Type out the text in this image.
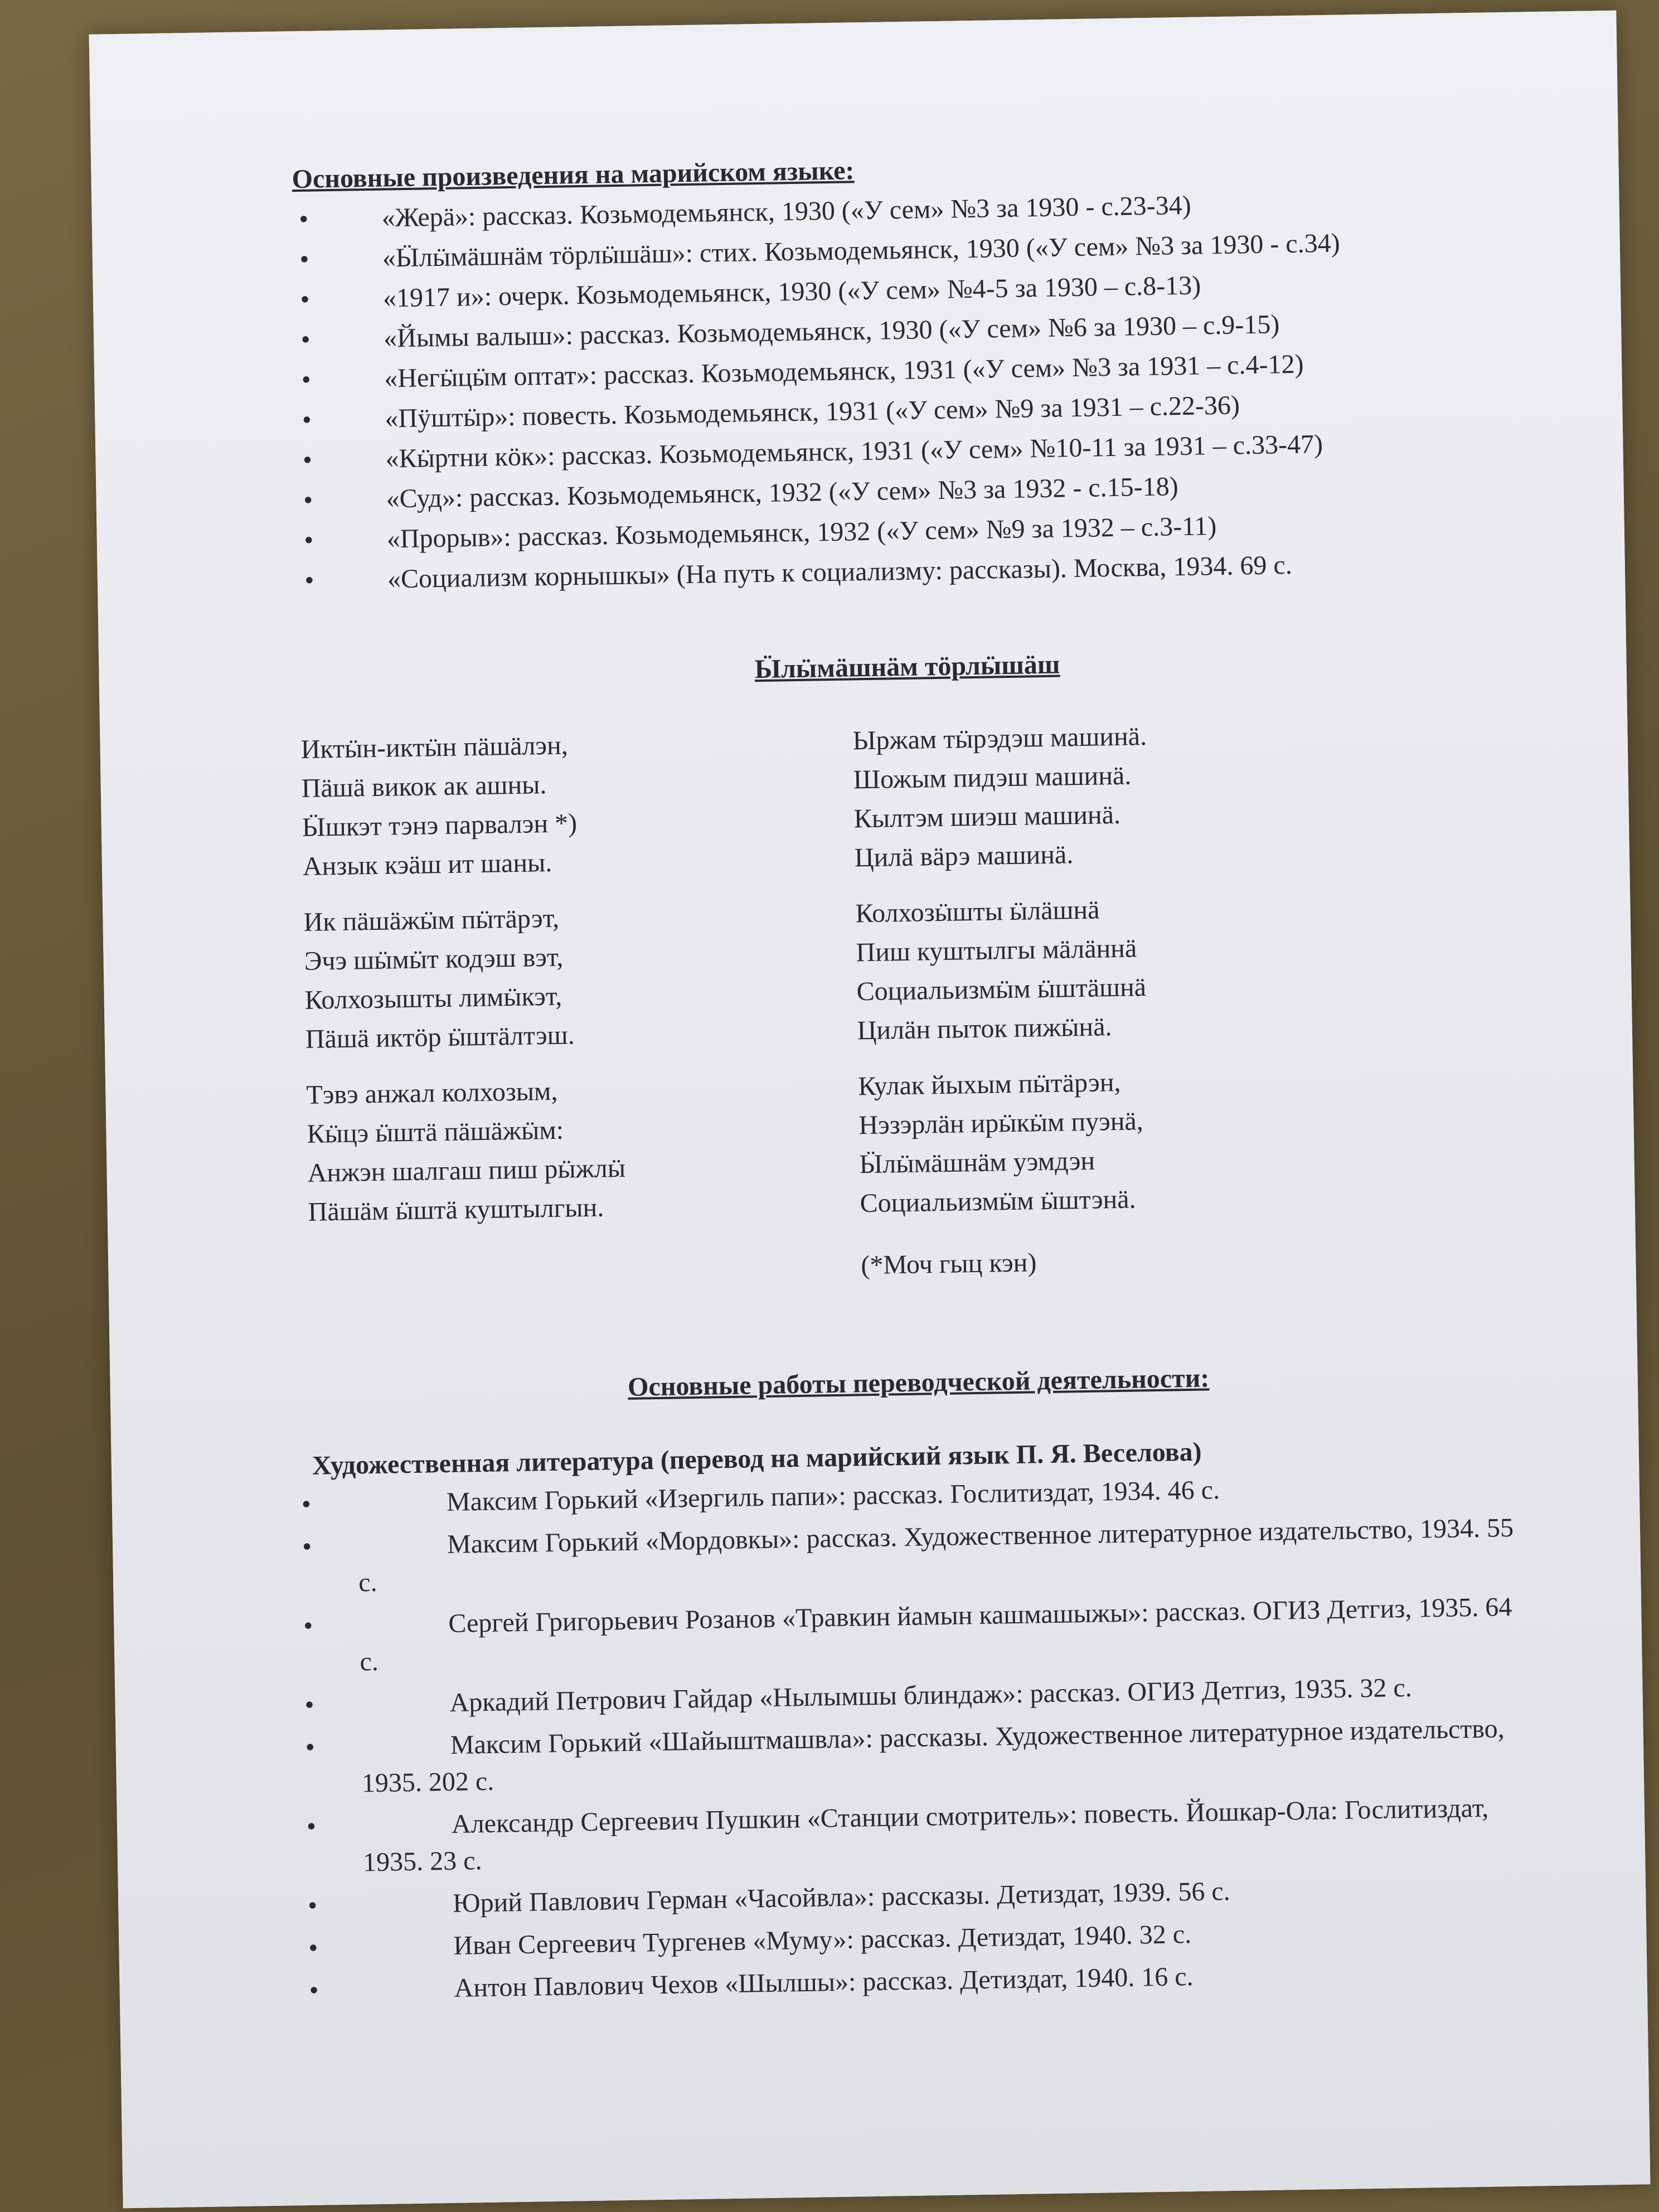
Основные произведения на марийском языке:

•	«Жерä»: рассказ. Козьмодемьянск, 1930 («У сем» №3 за 1930 - с.23-34)
•	«Ӹлӹмäшнäм тöрлӹшäш»: стих. Козьмодемьянск, 1930 («У сем» №3 за 1930 - с.34)
•	«1917 и»: очерк. Козьмодемьянск, 1930 («У сем» №4-5 за 1930 – с.8-13)
•	«Йымы валыш»: рассказ. Козьмодемьянск, 1930 («У сем» №6 за 1930 – с.9-15)
•	«Негӹцӹм оптат»: рассказ. Козьмодемьянск, 1931 («У сем» №3 за 1931 – с.4-12)
•	«Пӱштӹр»: повесть. Козьмодемьянск, 1931 («У сем» №9 за 1931 – с.22-36)
•	«Кӹртни кöк»: рассказ. Козьмодемьянск, 1931 («У сем» №10-11 за 1931 – с.33-47)
•	«Суд»: рассказ. Козьмодемьянск, 1932 («У сем» №3 за 1932 - с.15-18)
•	«Прорыв»: рассказ. Козьмодемьянск, 1932 («У сем» №9 за 1932 – с.3-11)
•	«Социализм корнышкы» (На путь к социализму: рассказы). Москва, 1934. 69 с.

Ӹлӹмäшнäм тöрлӹшäш

Иктӹн-иктӹн пäшäлэн,
Пäшä викок ак ашны.
Ӹшкэт тэнэ парвалэн *)
Анзык кэäш ит шаны.
Ик пäшäжӹм пӹтäрэт,
Эчэ шӹмӹт кодэш вэт,
Колхозышты лимӹкэт,
Пäшä иктöр ӹштäлтэш.
Тэвэ анжал колхозым,
Кӹцэ ӹштä пäшäжӹм:
Анжэн шалгаш пиш рӹжлӹ
Пäшäм ӹштä куштылгын.
Ыржам тӹрэдэш машинä.
Шожым пидэш машинä.
Кылтэм шиэш машинä.
Цилä вäрэ машинä.
Колхозӹшты ӹлäшнä
Пиш куштылгы мäлäннä
Социальизмӹм ӹштäшнä
Цилäн пыток пижӹнä.
Кулак йыхым пӹтäрэн,
Нэзэрлäн ирӹкӹм пуэнä,
Ӹлӹмäшнäм уэмдэн
Социальизмӹм ӹштэнä.
(*Моч гыц кэн)

Основные работы переводческой деятельности:

Художественная литература (перевод на марийский язык П. Я. Веселова)

•	Максим Горький «Изергиль папи»: рассказ. Гослитиздат, 1934. 46 с.
•	Максим Горький «Мордовкы»: рассказ. Художественное литературное издательство, 1934. 55 с.
•	Сергей Григорьевич Розанов «Травкин йамын кашмашыжы»: рассказ. ОГИЗ Детгиз, 1935. 64 с.
•	Аркадий Петрович Гайдар «Нылымшы блиндаж»: рассказ. ОГИЗ Детгиз, 1935. 32 с.
•	Максим Горький «Шайыштмашвла»: рассказы. Художественное литературное издательство, 1935. 202 с.
•	Александр Сергеевич Пушкин «Станции смотритель»: повесть. Йошкар-Ола: Гослитиздат, 1935. 23 с.
•	Юрий Павлович Герман «Часойвла»: рассказы. Детиздат, 1939. 56 с.
•	Иван Сергеевич Тургенев «Муму»: рассказ. Детиздат, 1940. 32 с.
•	Антон Павлович Чехов «Шылшы»: рассказ. Детиздат, 1940. 16 с.
